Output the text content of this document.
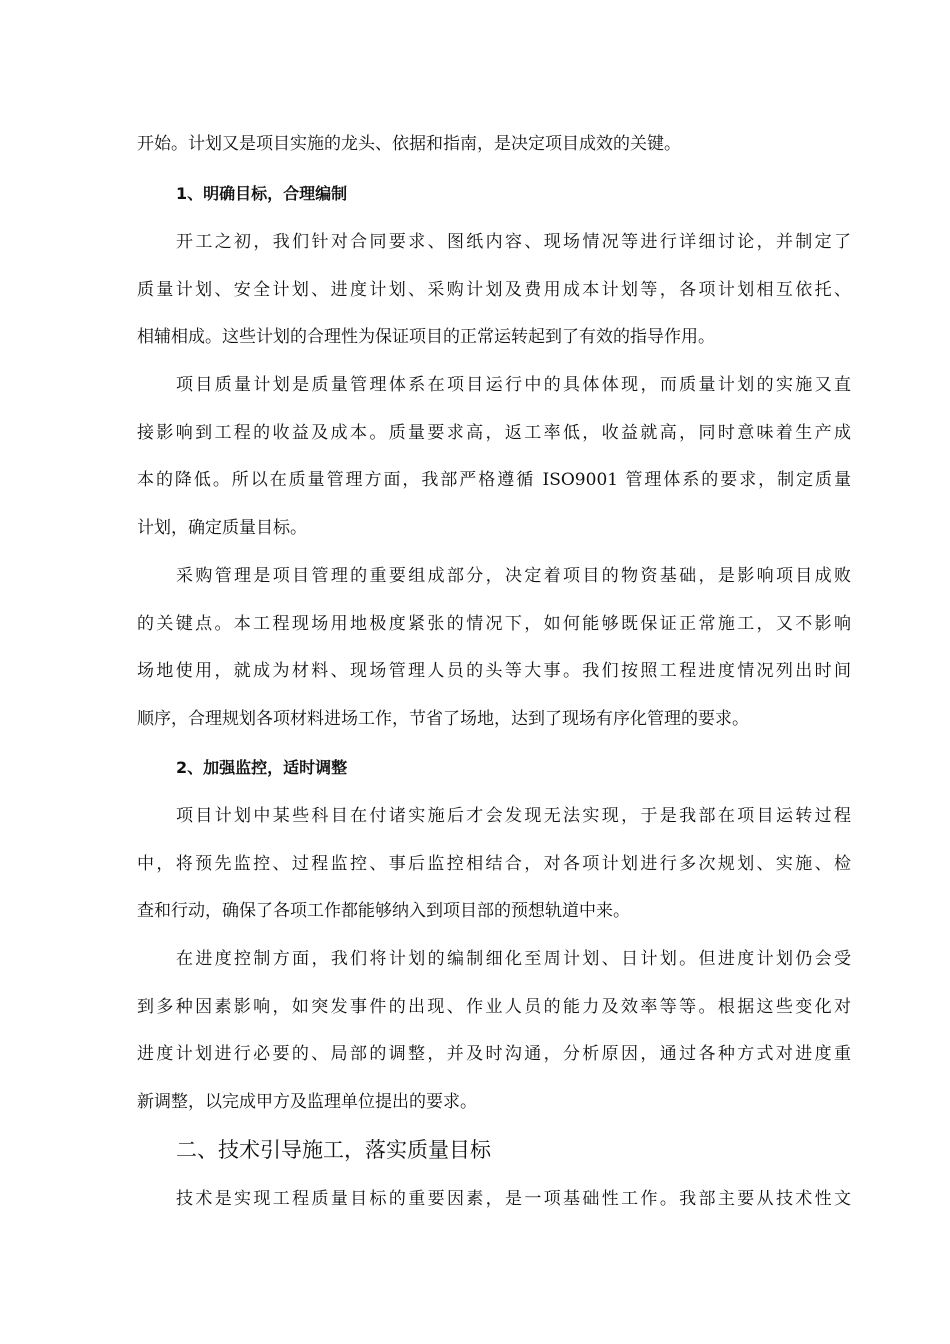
开始。计划又是项目实施的龙头、依据和指南，是决定项目成效的关键。
1、明确目标，合理编制
开工之初，我们针对合同要求、图纸内容、现场情况等进行详细讨论，并制定了
质量计划、安全计划、进度计划、采购计划及费用成本计划等，各项计划相互依托、
相辅相成。这些计划的合理性为保证项目的正常运转起到了有效的指导作用。
项目质量计划是质量管理体系在项目运行中的具体体现，而质量计划的实施又直
接影响到工程的收益及成本。质量要求高，返工率低，收益就高，同时意味着生产成
本的降低。所以在质量管理方面，我部严格遵循 ISO9001 管理体系的要求，制定质量
计划，确定质量目标。
采购管理是项目管理的重要组成部分，决定着项目的物资基础，是影响项目成败
的关键点。本工程现场用地极度紧张的情况下，如何能够既保证正常施工，又不影响
场地使用，就成为材料、现场管理人员的头等大事。我们按照工程进度情况列出时间
顺序，合理规划各项材料进场工作，节省了场地，达到了现场有序化管理的要求。
2、加强监控，适时调整
项目计划中某些科目在付诸实施后才会发现无法实现，于是我部在项目运转过程
中，将预先监控、过程监控、事后监控相结合，对各项计划进行多次规划、实施、检
查和行动，确保了各项工作都能够纳入到项目部的预想轨道中来。
在进度控制方面，我们将计划的编制细化至周计划、日计划。但进度计划仍会受
到多种因素影响，如突发事件的出现、作业人员的能力及效率等等。根据这些变化对
进度计划进行必要的、局部的调整，并及时沟通，分析原因，通过各种方式对进度重
新调整，以完成甲方及监理单位提出的要求。
二、技术引导施工，落实质量目标
技术是实现工程质量目标的重要因素，是一项基础性工作。我部主要从技术性文
